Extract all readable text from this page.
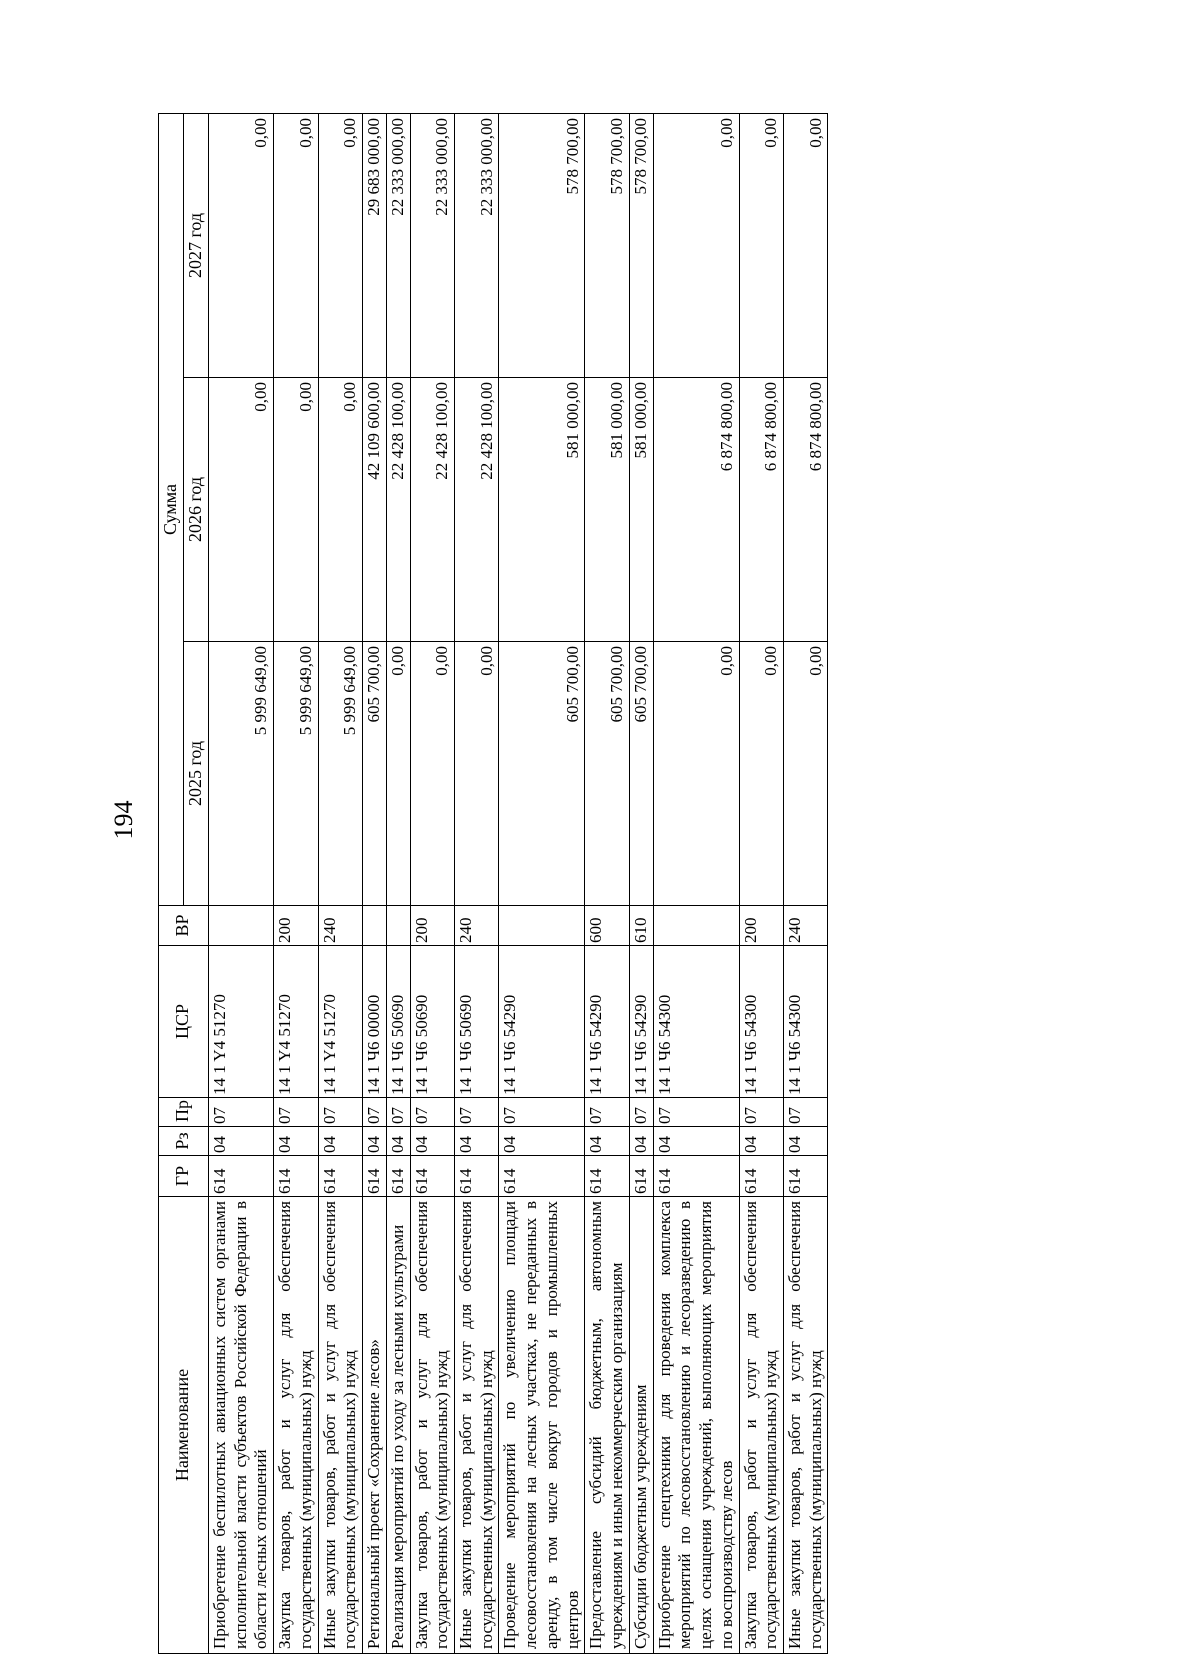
194
Наименование	ГР	Рз	Пр	ЦСР	ВР	Сумма		
						2025 год	2026 год	2027 год
Приобретение беспилотных авиационных систем органами исполнительной власти субъектов Российской Федерации в области лесных отношений	614	04	07	14 1 Y4 51270		5 999 649,00	0,00	0,00
Закупка товаров, работ и услуг для обеспечения государственных (муниципальных) нужд	614	04	07	14 1 Y4 51270	200	5 999 649,00	0,00	0,00
Иные закупки товаров, работ и услуг для обеспечения государственных (муниципальных) нужд	614	04	07	14 1 Y4 51270	240	5 999 649,00	0,00	0,00
Региональный проект «Сохранение лесов»	614	04	07	14 1 Ч6 00000		605 700,00	42 109 600,00	29 683 000,00
Реализация мероприятий по уходу за лесными культурами	614	04	07	14 1 Ч6 50690		0,00	22 428 100,00	22 333 000,00
Закупка товаров, работ и услуг для обеспечения государственных (муниципальных) нужд	614	04	07	14 1 Ч6 50690	200	0,00	22 428 100,00	22 333 000,00
Иные закупки товаров, работ и услуг для обеспечения государственных (муниципальных) нужд	614	04	07	14 1 Ч6 50690	240	0,00	22 428 100,00	22 333 000,00
Проведение мероприятий по увеличению площади лесовосстановления на лесных участках, не переданных в аренду, в том числе вокруг городов и промышленных центров	614	04	07	14 1 Ч6 54290		605 700,00	581 000,00	578 700,00
Предоставление субсидий бюджетным, автономным учреждениям и иным некоммерческим организациям	614	04	07	14 1 Ч6 54290	600	605 700,00	581 000,00	578 700,00
Субсидии бюджетным учреждениям	614	04	07	14 1 Ч6 54290	610	605 700,00	581 000,00	578 700,00
Приобретение спецтехники для проведения комплекса мероприятий по лесовосстановлению и лесоразведению в целях оснащения учреждений, выполняющих мероприятия по воспроизводству лесов	614	04	07	14 1 Ч6 54300		0,00	6 874 800,00	0,00
Закупка товаров, работ и услуг для обеспечения государственных (муниципальных) нужд	614	04	07	14 1 Ч6 54300	200	0,00	6 874 800,00	0,00
Иные закупки товаров, работ и услуг для обеспечения государственных (муниципальных) нужд	614	04	07	14 1 Ч6 54300	240	0,00	6 874 800,00	0,00
